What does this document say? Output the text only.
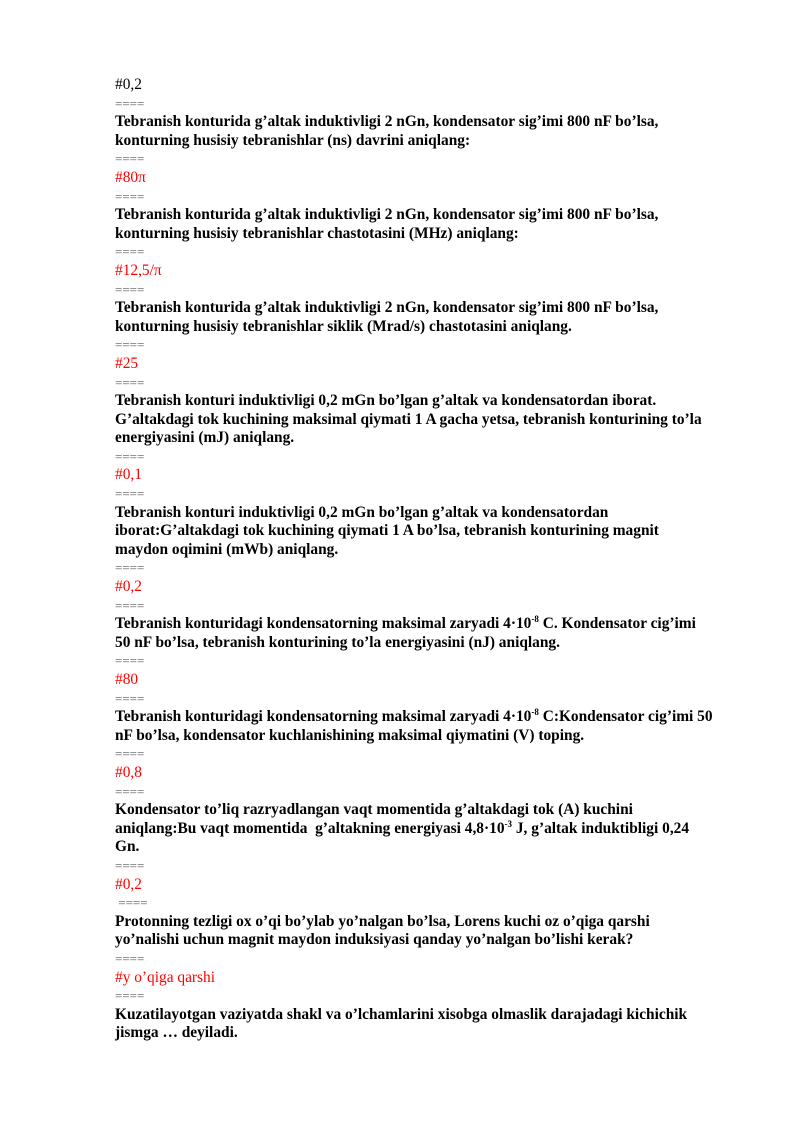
#0,2
====
Tebranish konturida g’altak induktivligi 2 nGn, kondensator sig’imi 800 nF bo’lsa,
konturning husisiy tebranishlar (ns) davrini aniqlang:
====
#80π
====
Tebranish konturida g’altak induktivligi 2 nGn, kondensator sig’imi 800 nF bo’lsa,
konturning husisiy tebranishlar chastotasini (MHz) aniqlang:
====
#12,5/π
====
Tebranish konturida g’altak induktivligi 2 nGn, kondensator sig’imi 800 nF bo’lsa,
konturning husisiy tebranishlar siklik (Mrad/s) chastotasini aniqlang.
====
#25
====
Tebranish konturi induktivligi 0,2 mGn bo’lgan g’altak va kondensatordan iborat.
G’altakdagi tok kuchining maksimal qiymati 1 A gacha yetsa, tebranish konturining to’la
energiyasini (mJ) aniqlang.
====
#0,1
====
Tebranish konturi induktivligi 0,2 mGn bo’lgan g’altak va kondensatordan
iborat:G’altakdagi tok kuchining qiymati 1 A bo’lsa, tebranish konturining magnit
maydon oqimini (mWb) aniqlang.
====
#0,2
====
Tebranish konturidagi kondensatorning maksimal zaryadi $4\cdot 10^{-8}$ C. Kondensator cig’imi
50 nF bo’lsa, tebranish konturining to’la energiyasini (nJ) aniqlang.
====
#80
====
Tebranish konturidagi kondensatorning maksimal zaryadi $4\cdot 10^{-8}$ C:Kondensator cig’imi 50
nF bo’lsa, kondensator kuchlanishining maksimal qiymatini (V) toping.
====
#0,8
====
Kondensator to’liq razryadlangan vaqt momentida g’altakdagi tok (A) kuchini
aniqlang:Bu vaqt momentida  g’altakning energiyasi $4,8\cdot 10^{-3}$ J, g’altak induktibligi 0,24
Gn.
====
#0,2
====
Protonning tezligi ox o’qi bo’ylab yo’nalgan bo’lsa, Lorens kuchi oz o’qiga qarshi
yo’nalishi uchun magnit maydon induksiyasi qanday yo’nalgan bo’lishi kerak?
====
#y o’qiga qarshi
====
Kuzatilayotgan vaziyatda shakl va o’lchamlarini xisobga olmaslik darajadagi kichichik
jismga … deyiladi.
